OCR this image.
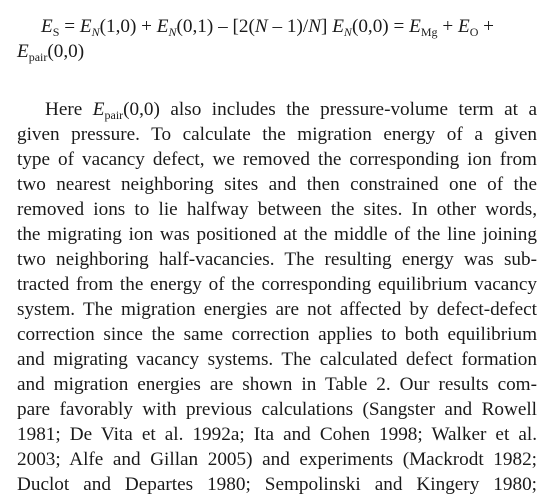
$E_S = E_N(1,0) + E_N(0,1) - [2(N - 1)/N] E_N(0,0) = E_{Mg} + E_O$ +
$E_{pair}(0,0)$
Here $E_{pair}(0,0)$ also includes the pressure-volume term at a
given pressure. To calculate the migration energy of a given
type of vacancy defect, we removed the corresponding ion from
two nearest neighboring sites and then constrained one of the
removed ions to lie halfway between the sites. In other words,
the migrating ion was positioned at the middle of the line joining
two neighboring half-vacancies. The resulting energy was sub-
tracted from the energy of the corresponding equilibrium vacancy
system. The migration energies are not affected by defect-defect
correction since the same correction applies to both equilibrium
and migrating vacancy systems. The calculated defect formation
and migration energies are shown in Table 2. Our results com-
pare favorably with previous calculations (Sangster and Rowell
1981; De Vita et al. 1992a; Ita and Cohen 1998; Walker et al.
2003; Alfe and Gillan 2005) and experiments (Mackrodt 1982;
Duclot and Departes 1980; Sempolinski and Kingery 1980;
